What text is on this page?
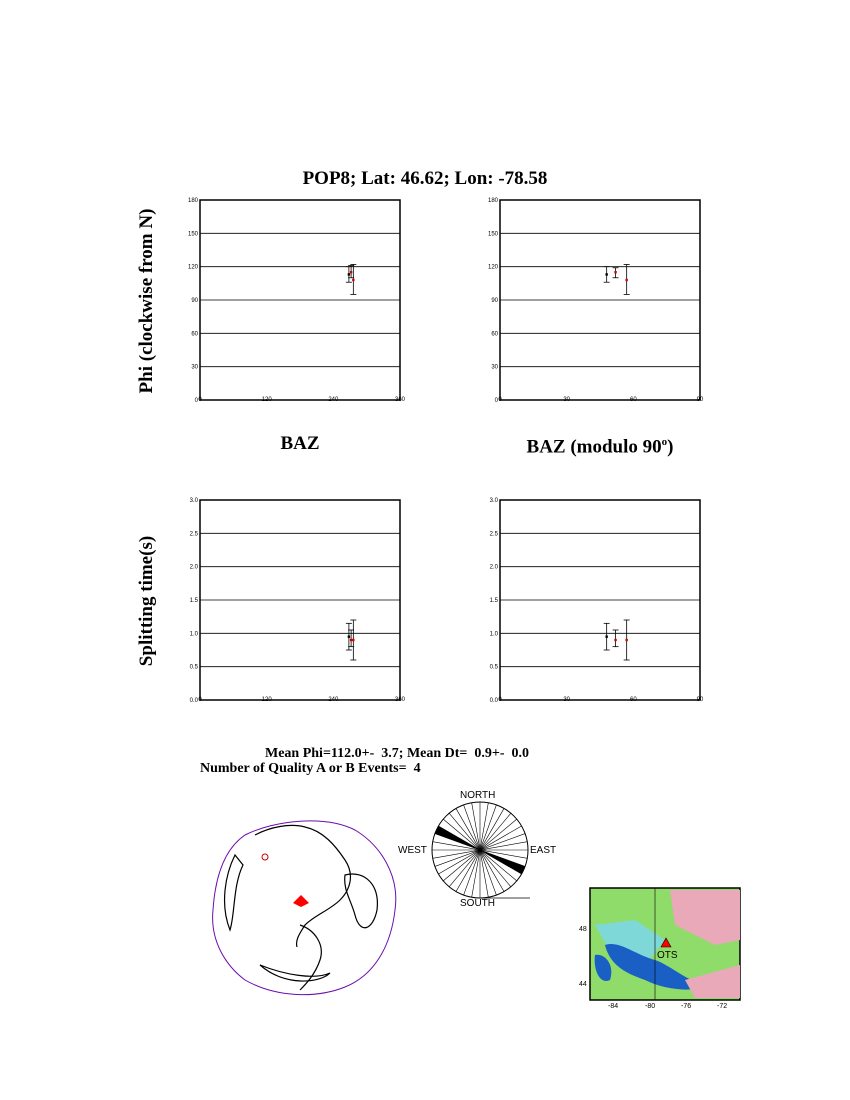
POP8; Lat: 46.62; Lon: -78.58
Phi (clockwise from N)
Splitting time(s)
BAZ	BAZ (modulo 90$^o$)
0
30
60
90
120
150
180
0	120	240	360	0
30
60
90
120
150
180
0	30	60	90
0.0
0.5
1.0
1.5
2.0
2.5
3.0
0	120	240	360	0.0
0.5
1.0
1.5
2.0
2.5
3.0
0	30	60	90
Mean Phi=112.0+-  3.7; Mean Dt=  0.9+-  0.0
Number of Quality A or B Events=  4
NORTH
WEST	EAST
SOUTH
OTS
48
44
-84	-80	-76	-72
